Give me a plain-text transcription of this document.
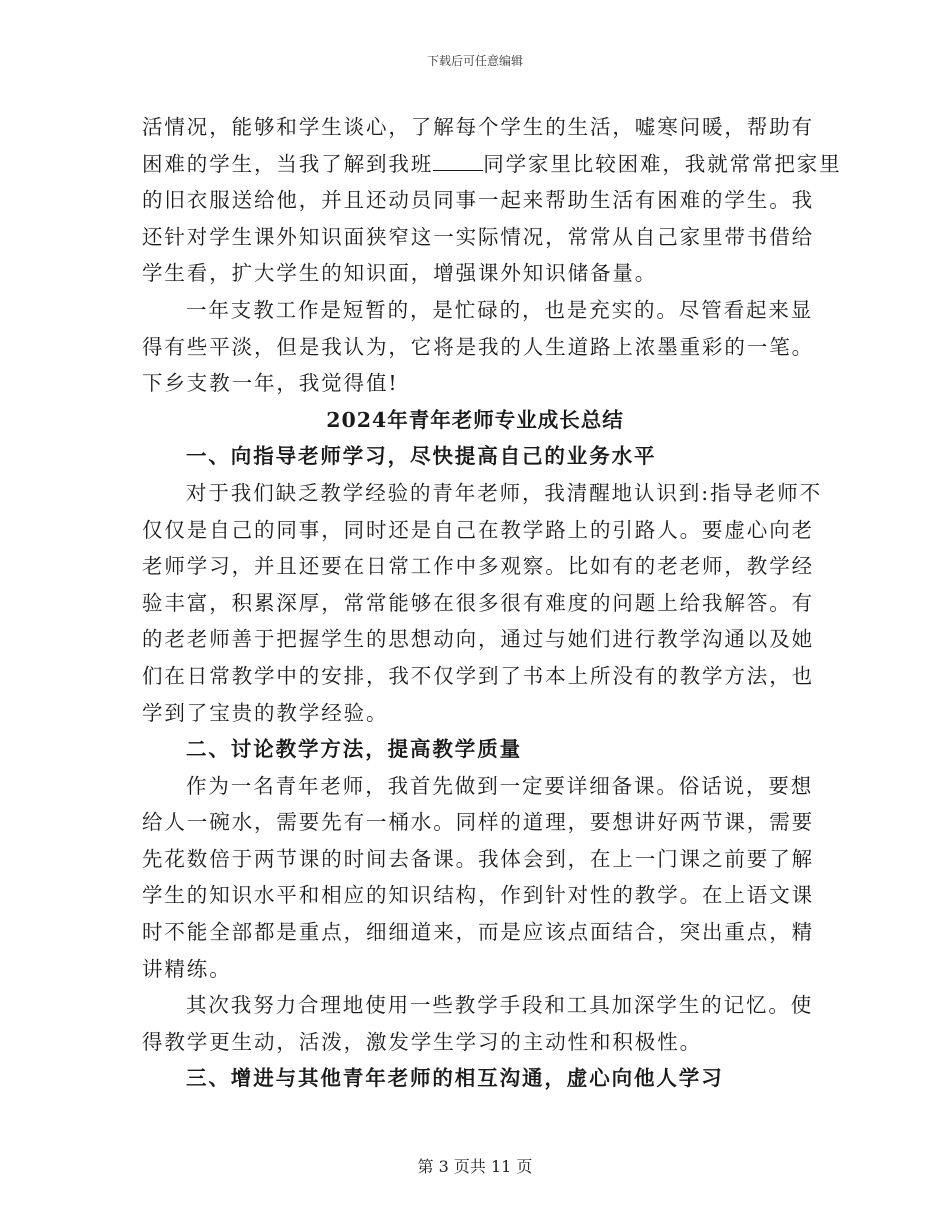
下载后可任意编辑

活情况，能够和学生谈心，了解每个学生的生活，嘘寒问暖，帮助有
困难的学生，当我了解到我班 同学家里比较困难，我就常常把家里
的旧衣服送给他，并且还动员同事一起来帮助生活有困难的学生。我
还针对学生课外知识面狭窄这一实际情况，常常从自己家里带书借给
学生看，扩大学生的知识面，增强课外知识储备量。

一年支教工作是短暂的，是忙碌的，也是充实的。尽管看起来显
得有些平淡，但是我认为，它将是我的人生道路上浓墨重彩的一笔。
下乡支教一年，我觉得值!

2024年青年老师专业成长总结

一、向指导老师学习，尽快提高自己的业务水平

对于我们缺乏教学经验的青年老师，我清醒地认识到:指导老师不
仅仅是自己的同事，同时还是自己在教学路上的引路人。要虚心向老
老师学习，并且还要在日常工作中多观察。比如有的老老师，教学经
验丰富，积累深厚，常常能够在很多很有难度的问题上给我解答。有
的老老师善于把握学生的思想动向，通过与她们进行教学沟通以及她
们在日常教学中的安排，我不仅学到了书本上所没有的教学方法，也
学到了宝贵的教学经验。

二、讨论教学方法，提高教学质量

作为一名青年老师，我首先做到一定要详细备课。俗话说，要想
给人一碗水，需要先有一桶水。同样的道理，要想讲好两节课，需要
先花数倍于两节课的时间去备课。我体会到，在上一门课之前要了解
学生的知识水平和相应的知识结构，作到针对性的教学。在上语文课
时不能全部都是重点，细细道来，而是应该点面结合，突出重点，精
讲精练。

其次我努力合理地使用一些教学手段和工具加深学生的记忆。使
得教学更生动，活泼，激发学生学习的主动性和积极性。

三、增进与其他青年老师的相互沟通，虚心向他人学习

第 3 页共 11 页
